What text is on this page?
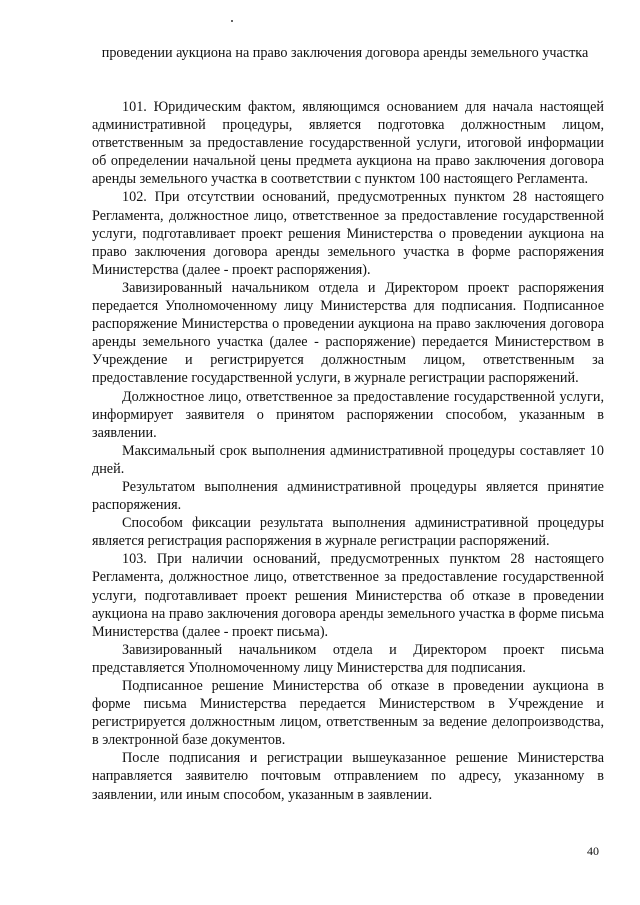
проведении аукциона на право заключения договора аренды земельного участка

101. Юридическим фактом, являющимся основанием для начала настоящей административной процедуры, является подготовка должностным лицом, ответственным за предоставление государственной услуги, итоговой информации об определении начальной цены предмета аукциона на право заключения договора аренды земельного участка в соответствии с пунктом 100 настоящего Регламента.

102. При отсутствии оснований, предусмотренных пунктом 28 настоящего Регламента, должностное лицо, ответственное за предоставление государственной услуги, подготавливает проект решения Министерства о проведении аукциона на право заключения договора аренды земельного участка в форме распоряжения Министерства (далее - проект распоряжения).

Завизированный начальником отдела и Директором проект распоряжения передается Уполномоченному лицу Министерства для подписания. Подписанное распоряжение Министерства о проведении аукциона на право заключения договора аренды земельного участка (далее - распоряжение) передается Министерством в Учреждение и регистрируется должностным лицом, ответственным за предоставление государственной услуги, в журнале регистрации распоряжений.

Должностное лицо, ответственное за предоставление государственной услуги, информирует заявителя о принятом распоряжении способом, указанным в заявлении.

Максимальный срок выполнения административной процедуры составляет 10 дней.

Результатом выполнения административной процедуры является принятие распоряжения.

Способом фиксации результата выполнения административной процедуры является регистрация распоряжения в журнале регистрации распоряжений.

103. При наличии оснований, предусмотренных пунктом 28 настоящего Регламента, должностное лицо, ответственное за предоставление государственной услуги, подготавливает проект решения Министерства об отказе в проведении аукциона на право заключения договора аренды земельного участка в форме письма Министерства (далее - проект письма).

Завизированный начальником отдела и Директором проект письма представляется Уполномоченному лицу Министерства для подписания.

Подписанное решение Министерства об отказе в проведении аукциона в форме письма Министерства передается Министерством в Учреждение и регистрируется должностным лицом, ответственным за ведение делопроизводства, в электронной базе документов.

После подписания и регистрации вышеуказанное решение Министерства направляется заявителю почтовым отправлением по адресу, указанному в заявлении, или иным способом, указанным в заявлении.

40
